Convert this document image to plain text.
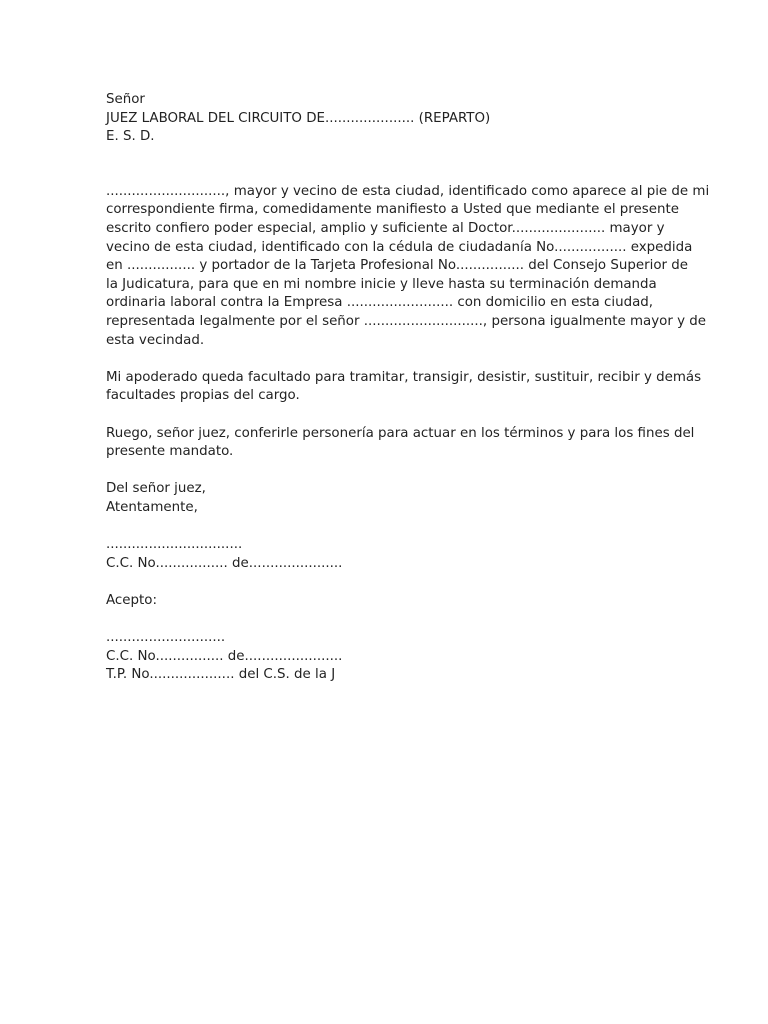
Señor
JUEZ LABORAL DEL CIRCUITO DE..................... (REPARTO)
E. S. D.
............................, mayor y vecino de esta ciudad, identificado como aparece al pie de mi
correspondiente firma, comedidamente manifiesto a Usted que mediante el presente
escrito confiero poder especial, amplio y suficiente al Doctor...................... mayor y
vecino de esta ciudad, identificado con la cédula de ciudadanía No................. expedida
en ................ y portador de la Tarjeta Profesional No................ del Consejo Superior de
la Judicatura, para que en mi nombre inicie y lleve hasta su terminación demanda
ordinaria laboral contra la Empresa ......................... con domicilio en esta ciudad,
representada legalmente por el señor ............................, persona igualmente mayor y de
esta vecindad.
Mi apoderado queda facultado para tramitar, transigir, desistir, sustituir, recibir y demás
facultades propias del cargo.
Ruego, señor juez, conferirle personería para actuar en los términos y para los fines del
presente mandato.
Del señor juez,
Atentamente,
................................
C.C. No................. de......................
Acepto:
............................
C.C. No................ de.......................
T.P. No.................... del C.S. de la J
